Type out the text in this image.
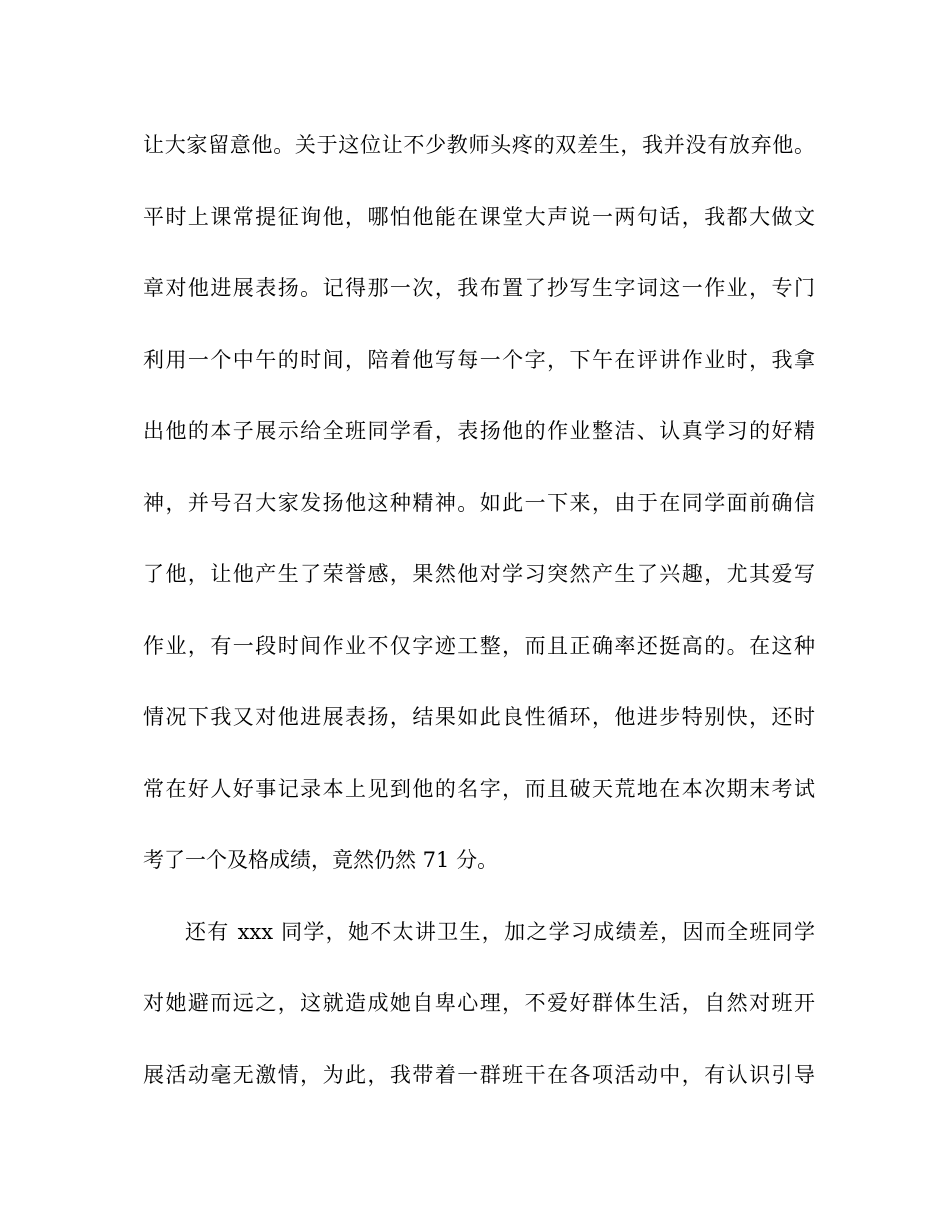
让大家留意他。关于这位让不少教师头疼的双差生，我并没有放弃他。
平时上课常提征询他，哪怕他能在课堂大声说一两句话，我都大做文
章对他进展表扬。记得那一次，我布置了抄写生字词这一作业，专门
利用一个中午的时间，陪着他写每一个字，下午在评讲作业时，我拿
出他的本子展示给全班同学看，表扬他的作业整洁、认真学习的好精
神，并号召大家发扬他这种精神。如此一下来，由于在同学面前确信
了他，让他产生了荣誉感，果然他对学习突然产生了兴趣，尤其爱写
作业，有一段时间作业不仅字迹工整，而且正确率还挺高的。在这种
情况下我又对他进展表扬，结果如此良性循环，他进步特别快，还时
常在好人好事记录本上见到他的名字，而且破天荒地在本次期末考试
考了一个及格成绩，竟然仍然 71 分。
还有 xxx 同学，她不太讲卫生，加之学习成绩差，因而全班同学
对她避而远之，这就造成她自卑心理，不爱好群体生活，自然对班开
展活动毫无激情，为此，我带着一群班干在各项活动中，有认识引导
